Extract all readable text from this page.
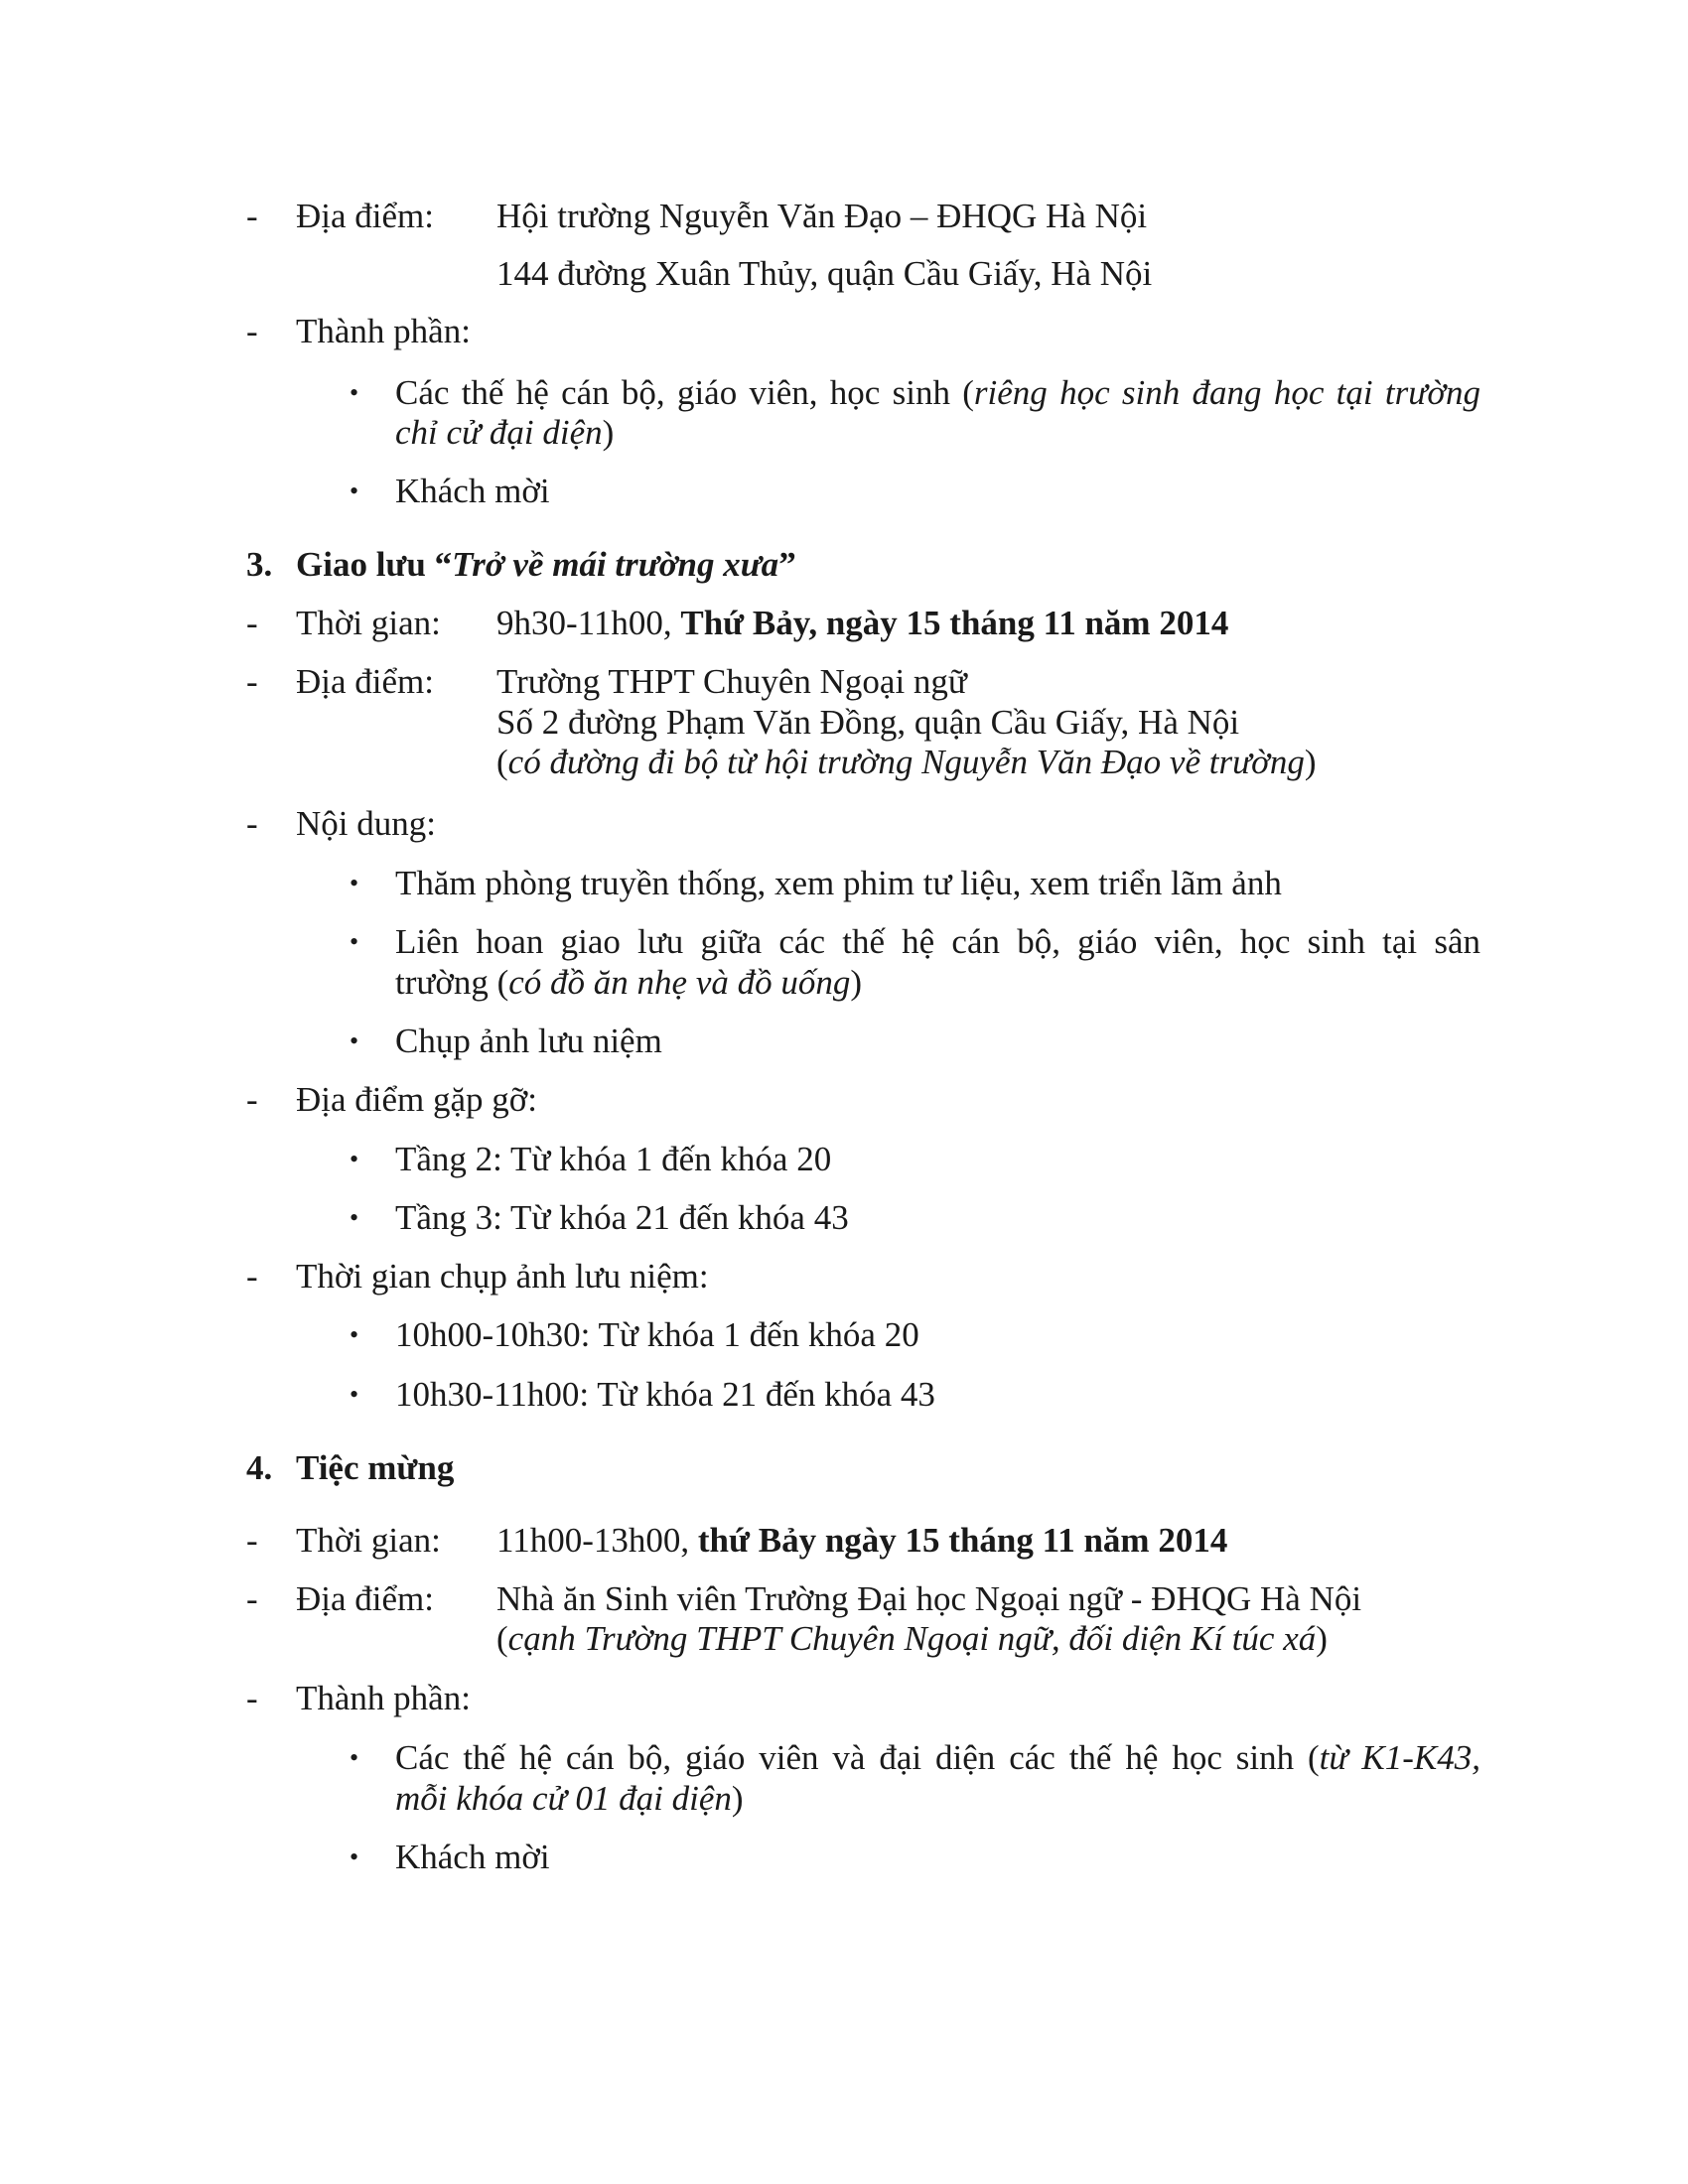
- Địa điểm: Hội trường Nguyễn Văn Đạo – ĐHQG Hà Nội
144 đường Xuân Thủy, quận Cầu Giấy, Hà Nội
- Thành phần:
• Các thế hệ cán bộ, giáo viên, học sinh (riêng học sinh đang học tại trường
chỉ cử đại diện)
• Khách mời
3. Giao lưu “Trở về mái trường xưa”
- Thời gian: 9h30-11h00, Thứ Bảy, ngày 15 tháng 11 năm 2014
- Địa điểm: Trường THPT Chuyên Ngoại ngữ
Số 2 đường Phạm Văn Đồng, quận Cầu Giấy, Hà Nội
(có đường đi bộ từ hội trường Nguyễn Văn Đạo về trường)
- Nội dung:
• Thăm phòng truyền thống, xem phim tư liệu, xem triển lãm ảnh
• Liên hoan giao lưu giữa các thế hệ cán bộ, giáo viên, học sinh tại sân
trường (có đồ ăn nhẹ và đồ uống)
• Chụp ảnh lưu niệm
- Địa điểm gặp gỡ:
• Tầng 2: Từ khóa 1 đến khóa 20
• Tầng 3: Từ khóa 21 đến khóa 43
- Thời gian chụp ảnh lưu niệm:
• 10h00-10h30: Từ khóa 1 đến khóa 20
• 10h30-11h00: Từ khóa 21 đến khóa 43
4. Tiệc mừng
- Thời gian: 11h00-13h00, thứ Bảy ngày 15 tháng 11 năm 2014
- Địa điểm: Nhà ăn Sinh viên Trường Đại học Ngoại ngữ - ĐHQG Hà Nội
(cạnh Trường THPT Chuyên Ngoại ngữ, đối diện Kí túc xá)
- Thành phần:
• Các thế hệ cán bộ, giáo viên và đại diện các thế hệ học sinh (từ K1-K43,
mỗi khóa cử 01 đại diện)
• Khách mời
